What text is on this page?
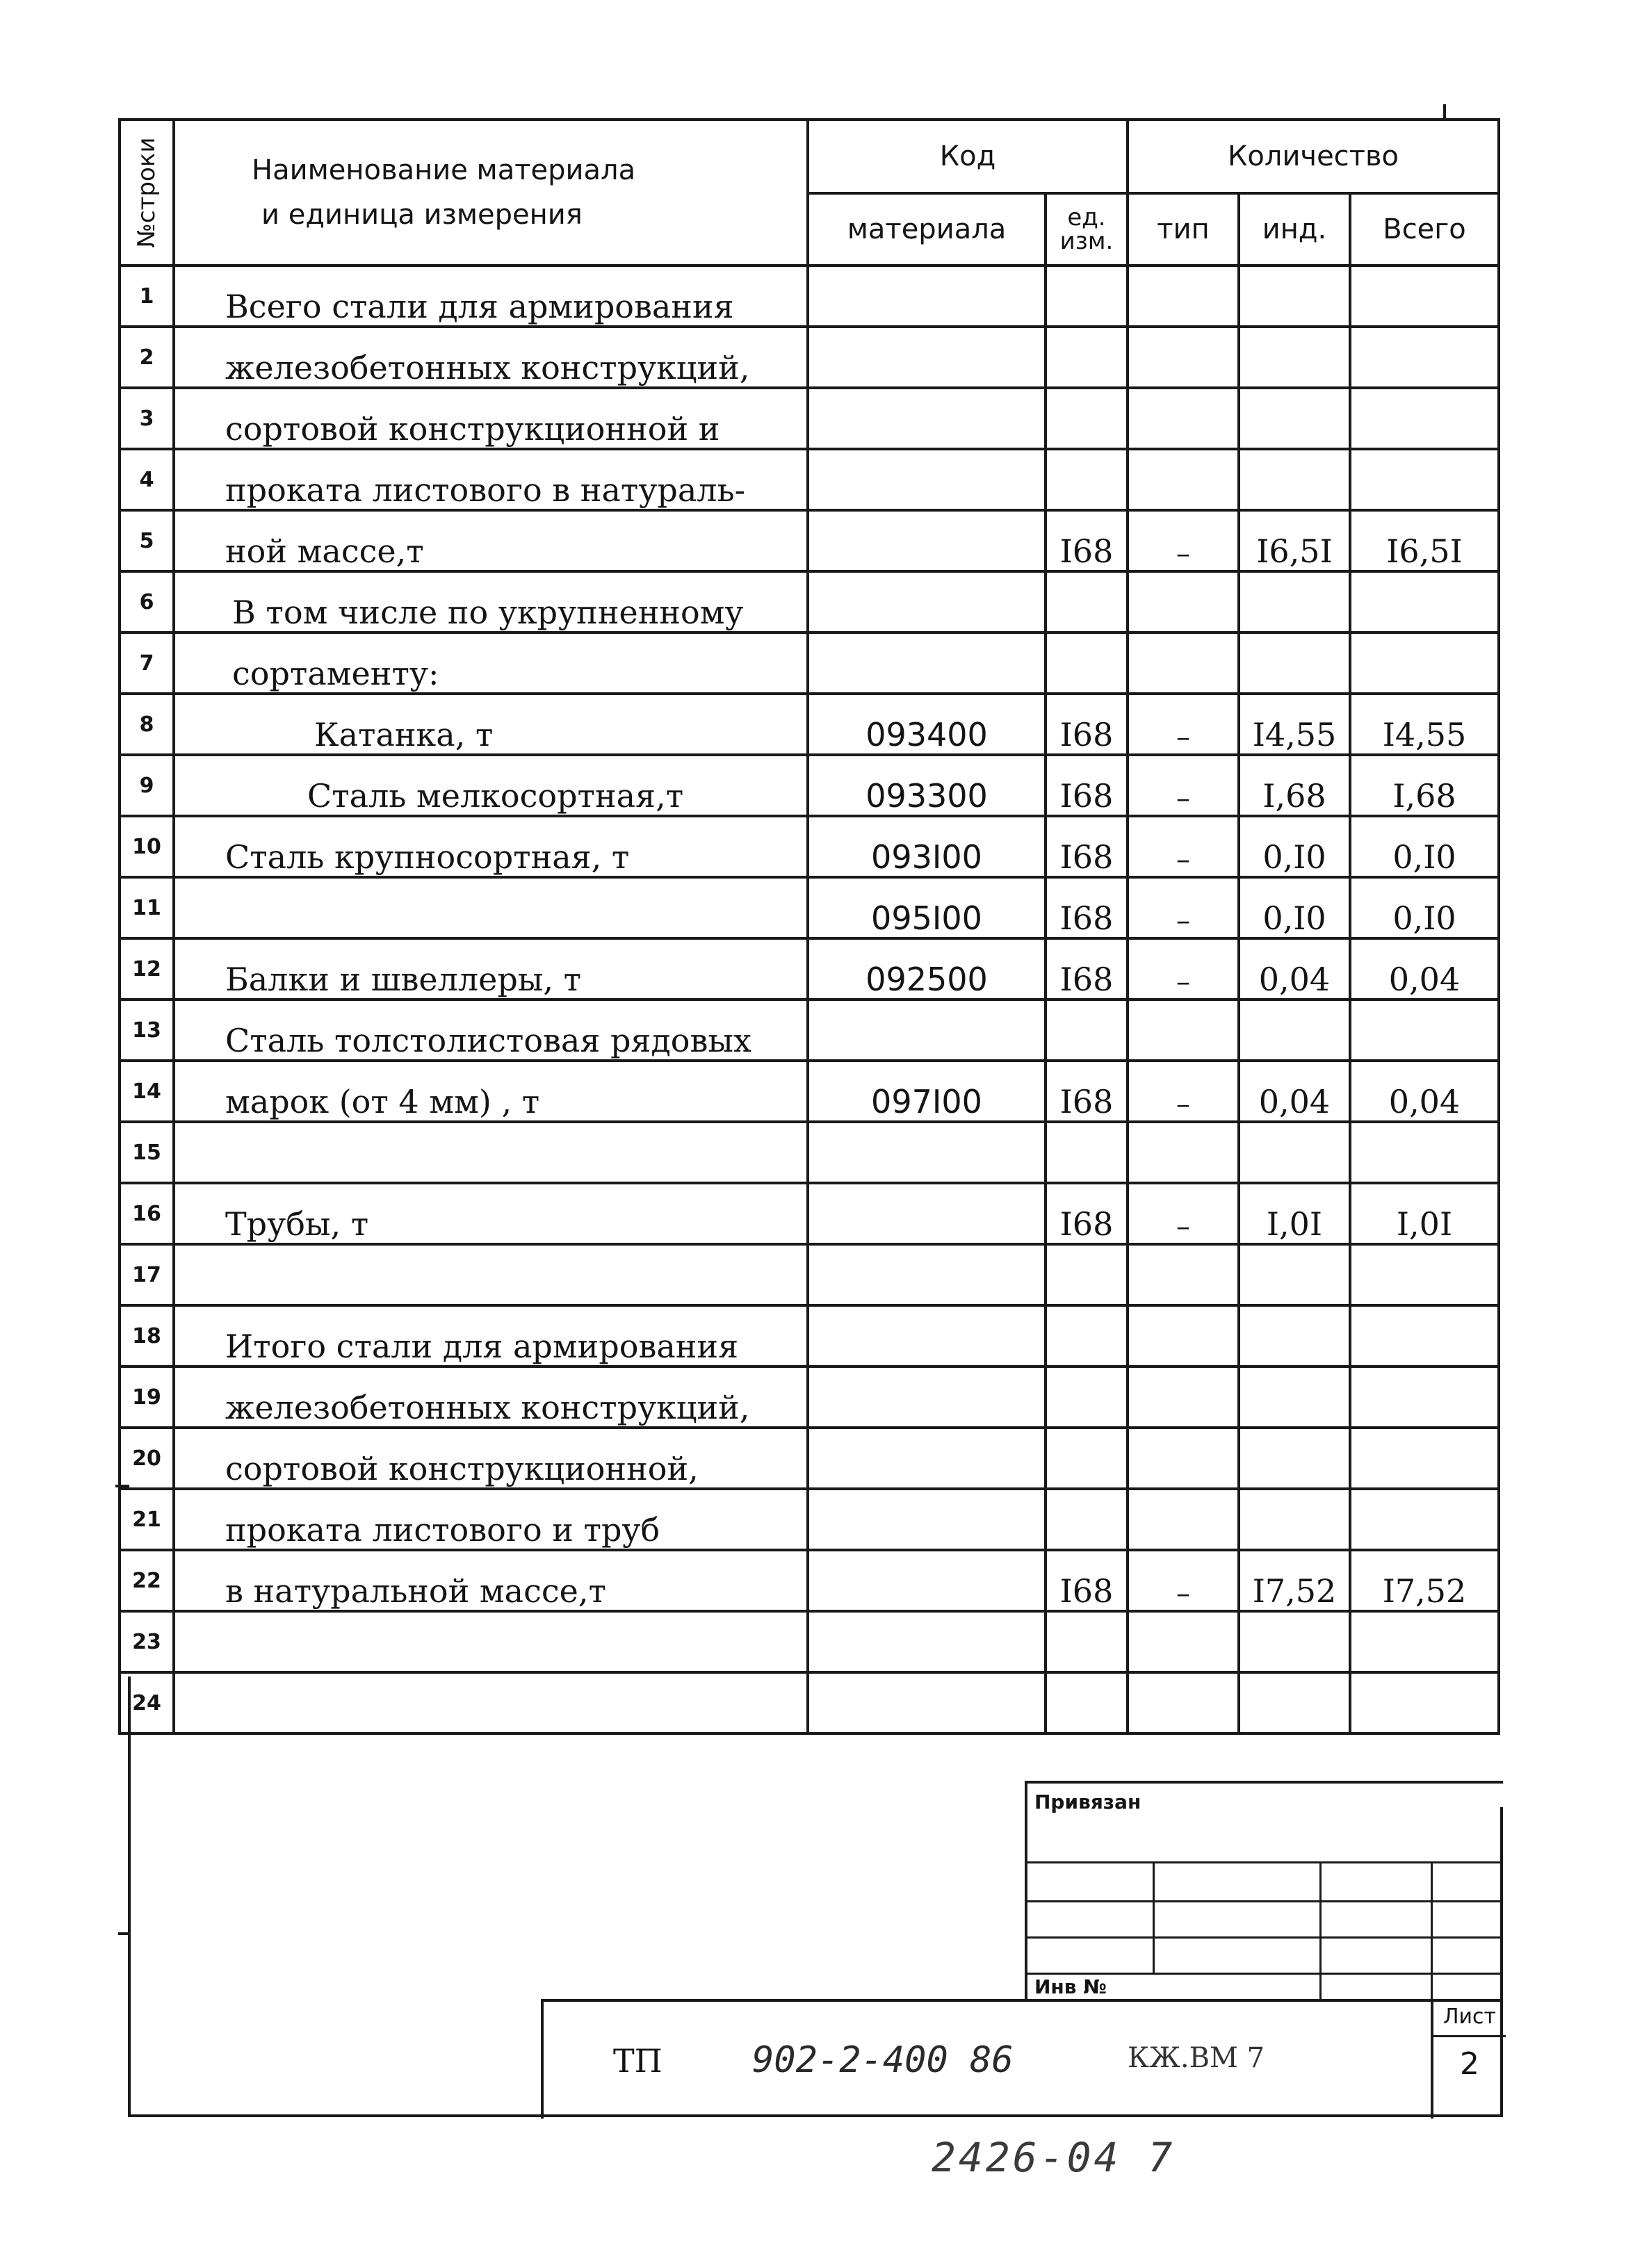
№строки	Наименование материала
и единица измерения	Код		Количество		
		материала	ед. изм.	тип	инд.	Всего
1	Всего стали для армирования					
2	железобетонных конструкций,					
3	сортовой конструкционной и					
4	проката листового в натураль-					
5	ной массе,т		I68	–	I6,5I	I6,5I
6	В том числе по укрупненному					
7	сортаменту:					
8	Катанка, т	093400	I68	–	I4,55	I4,55
9	Сталь мелкосортная,т	093300	I68	–	I,68	I,68
10	Сталь крупносортная, т	093I00	I68	–	0,I0	0,I0
11		095I00	I68	–	0,I0	0,I0
12	Балки и швеллеры, т	092500	I68	–	0,04	0,04
13	Сталь толстолистовая рядовых					
14	марок (от 4 мм) , т	097I00	I68	–	0,04	0,04
15						
16	Трубы, т		I68	–	I,0I	I,0I
17						
18	Итого стали для армирования					
19	железобетонных конструкций,					
20	сортовой конструкционной,					
21	проката листового и труб					
22	в натуральной массе,т		I68	–	I7,52	I7,52
23						
24						
Привязан
Инв №
ТП 902-2-400 86	КЖ.ВМ 7
Лист
2
2426-04 7
